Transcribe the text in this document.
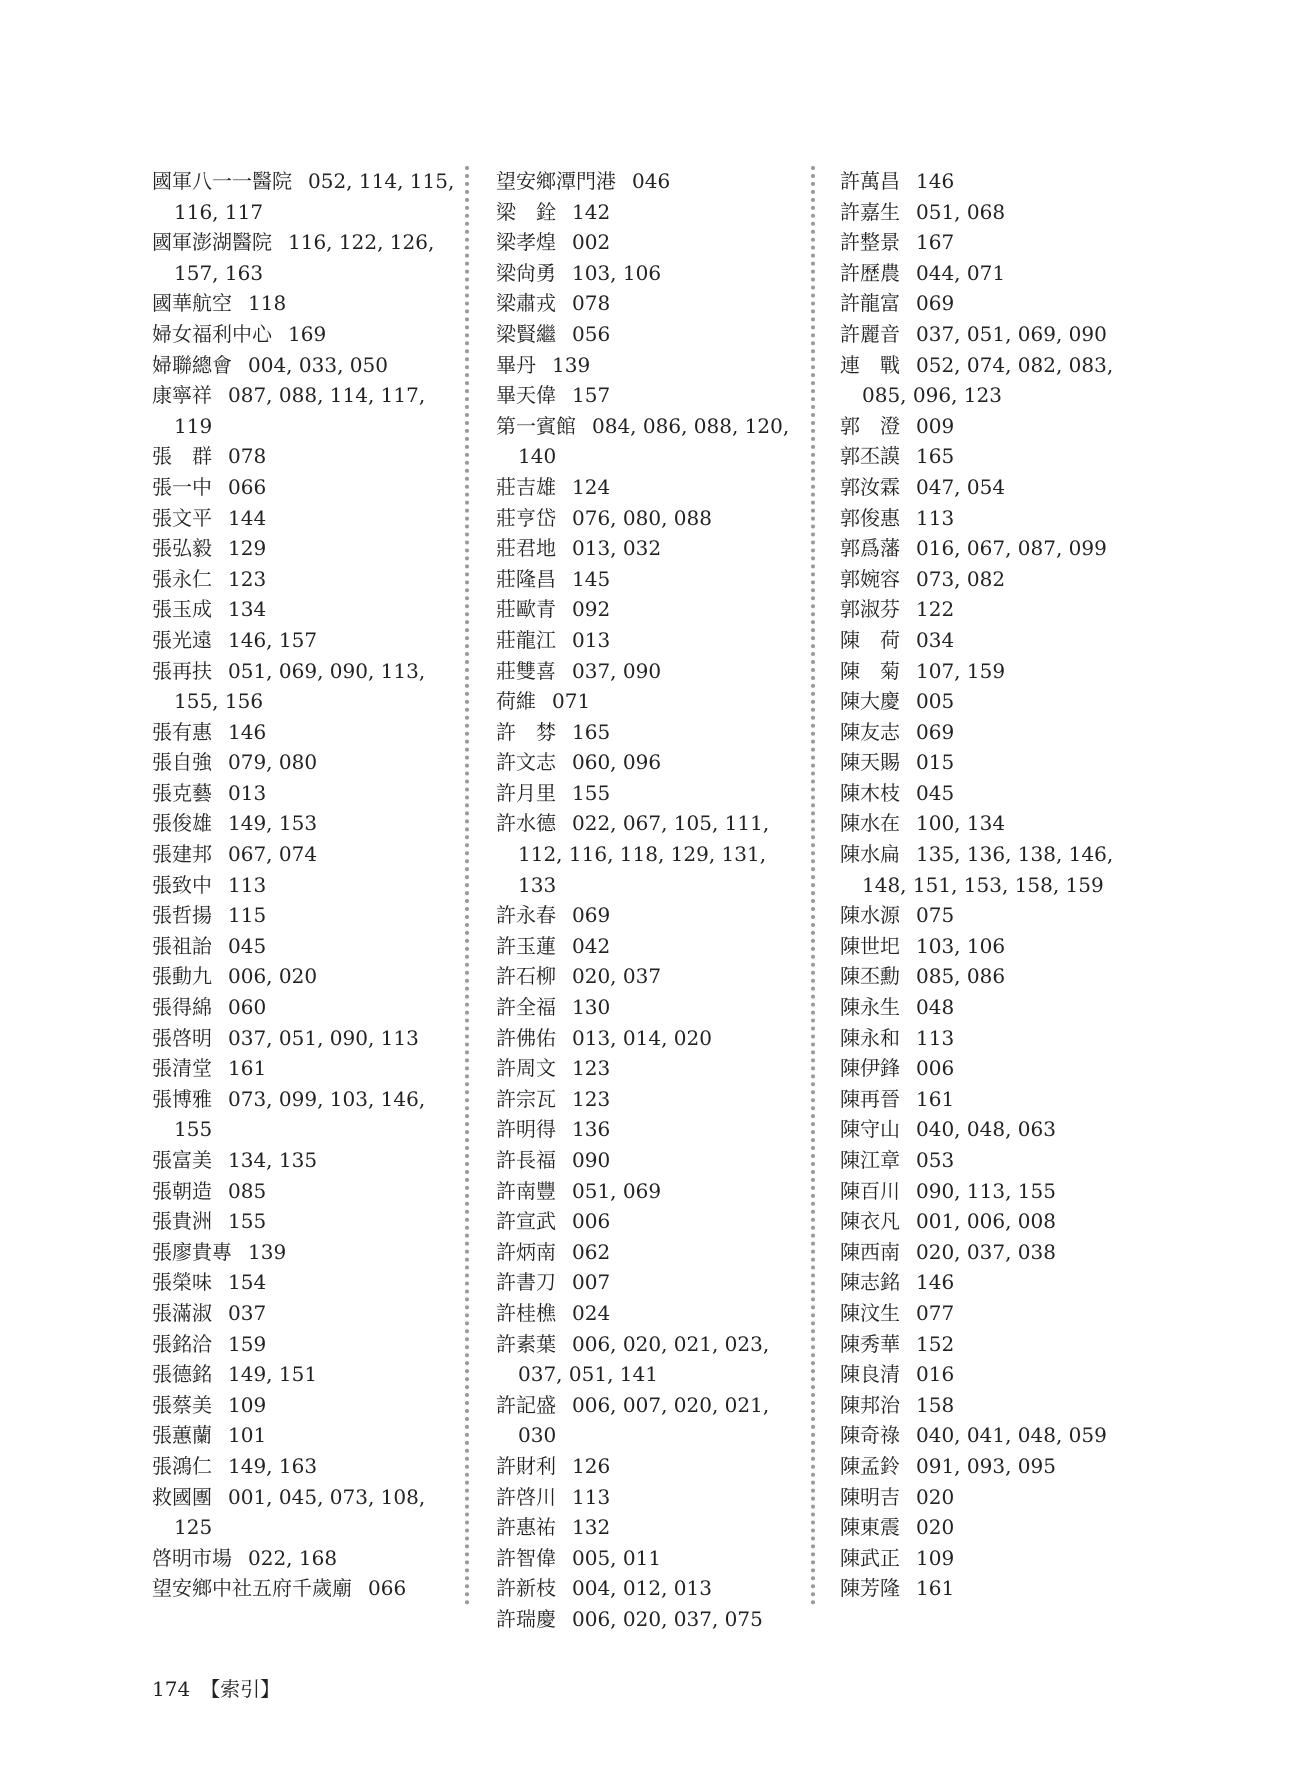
國軍八一一醫院 052, 114, 115, 116, 117
國軍澎湖醫院 116, 122, 126, 157, 163
國華航空 118
婦女福利中心 169
婦聯總會 004, 033, 050
康寧祥 087, 088, 114, 117, 119
張　群 078
張一中 066
張文平 144
張弘毅 129
張永仁 123
張玉成 134
張光遠 146, 157
張再扶 051, 069, 090, 113, 155, 156
張有惠 146
張自強 079, 080
張克藝 013
張俊雄 149, 153
張建邦 067, 074
張致中 113
張哲揚 115
張祖詒 045
張動九 006, 020
張得綿 060
張啓明 037, 051, 090, 113
張清堂 161
張博雅 073, 099, 103, 146, 155
張富美 134, 135
張朝造 085
張貴洲 155
張廖貴專 139
張榮味 154
張滿淑 037
張銘洽 159
張德銘 149, 151
張蔡美 109
張蕙蘭 101
張鴻仁 149, 163
救國團 001, 045, 073, 108, 125
啓明市場 022, 168
望安鄉中社五府千歲廟 066
望安鄉潭門港 046
梁　銓 142
梁孝煌 002
梁尙勇 103, 106
梁肅戎 078
梁賢繼 056
畢丹 139
畢天偉 157
第一賓館 084, 086, 088, 120, 140
莊吉雄 124
莊亨岱 076, 080, 088
莊君地 013, 032
莊隆昌 145
莊歐青 092
莊龍江 013
莊雙喜 037, 090
荷維 071
許　棼 165
許文志 060, 096
許月里 155
許水德 022, 067, 105, 111, 112, 116, 118, 129, 131, 133
許永春 069
許玉蓮 042
許石柳 020, 037
許全福 130
許佛佑 013, 014, 020
許周文 123
許宗瓦 123
許明得 136
許長福 090
許南豐 051, 069
許宣武 006
許炳南 062
許書刀 007
許桂樵 024
許素葉 006, 020, 021, 023, 037, 051, 141
許記盛 006, 007, 020, 021, 030
許財利 126
許啓川 113
許惠祐 132
許智偉 005, 011
許新枝 004, 012, 013
許瑞慶 006, 020, 037, 075
許萬昌 146
許嘉生 051, 068
許整景 167
許歷農 044, 071
許龍富 069
許麗音 037, 051, 069, 090
連　戰 052, 074, 082, 083, 085, 096, 123
郭　澄 009
郭丕謨 165
郭汝霖 047, 054
郭俊惠 113
郭爲藩 016, 067, 087, 099
郭婉容 073, 082
郭淑芬 122
陳　荷 034
陳　菊 107, 159
陳大慶 005
陳友志 069
陳天賜 015
陳木枝 045
陳水在 100, 134
陳水扁 135, 136, 138, 146, 148, 151, 153, 158, 159
陳水源 075
陳世圯 103, 106
陳丕勳 085, 086
陳永生 048
陳永和 113
陳伊鋒 006
陳再晉 161
陳守山 040, 048, 063
陳江章 053
陳百川 090, 113, 155
陳衣凡 001, 006, 008
陳西南 020, 037, 038
陳志銘 146
陳汶生 077
陳秀華 152
陳良清 016
陳邦治 158
陳奇祿 040, 041, 048, 059
陳孟鈴 091, 093, 095
陳明吉 020
陳東震 020
陳武正 109
陳芳隆 161
174 【索引】
